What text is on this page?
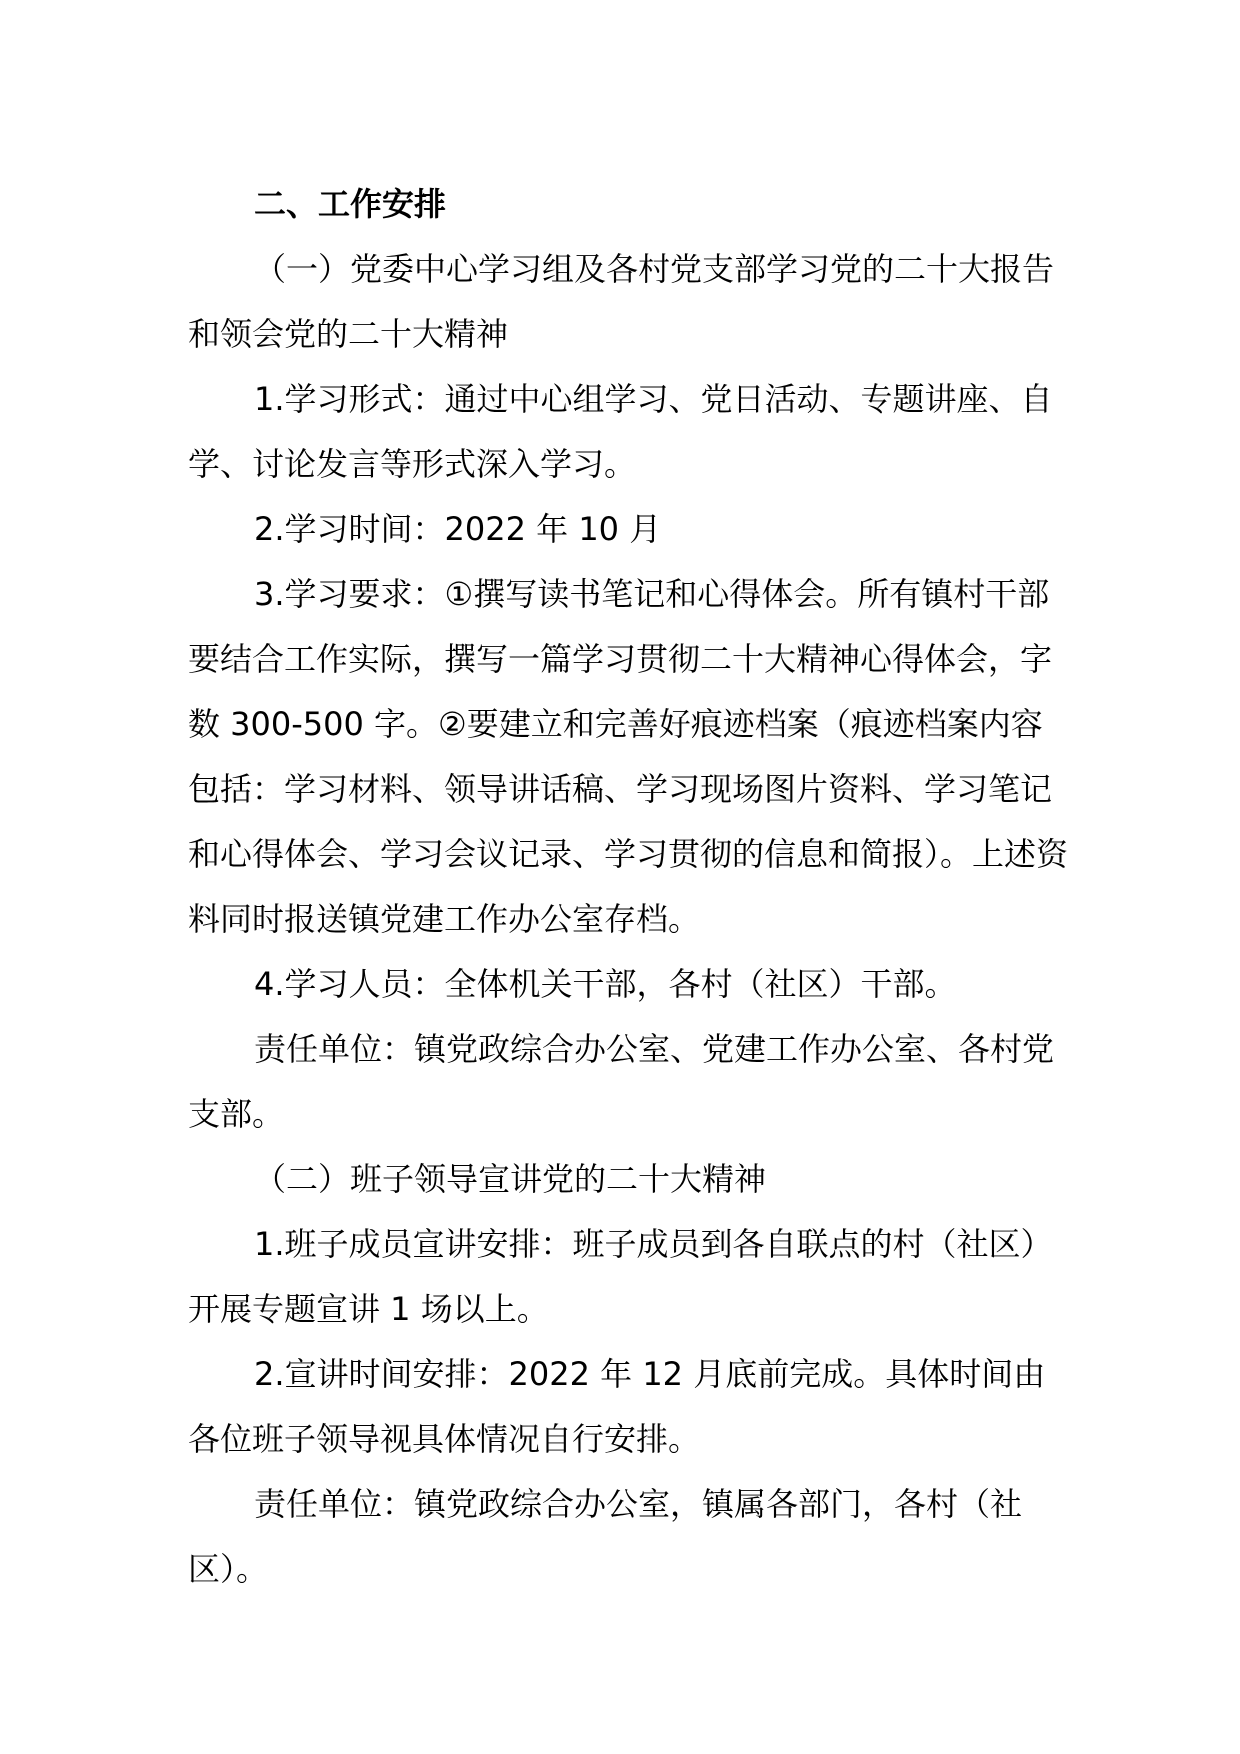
二、工作安排

（一）党委中心学习组及各村党支部学习党的二十大报告和领会党的二十大精神

1.学习形式：通过中心组学习、党日活动、专题讲座、自学、讨论发言等形式深入学习。

2.学习时间：2022 年 10 月

3.学习要求：①撰写读书笔记和心得体会。所有镇村干部要结合工作实际，撰写一篇学习贯彻二十大精神心得体会，字数 300-500 字。②要建立和完善好痕迹档案（痕迹档案内容包括：学习材料、领导讲话稿、学习现场图片资料、学习笔记和心得体会、学习会议记录、学习贯彻的信息和简报）。上述资料同时报送镇党建工作办公室存档。

4.学习人员：全体机关干部，各村（社区）干部。

责任单位：镇党政综合办公室、党建工作办公室、各村党支部。

（二）班子领导宣讲党的二十大精神

1.班子成员宣讲安排：班子成员到各自联点的村（社区）开展专题宣讲 1 场以上。

2.宣讲时间安排：2022 年 12 月底前完成。具体时间由各位班子领导视具体情况自行安排。

责任单位：镇党政综合办公室，镇属各部门，各村（社区）。
